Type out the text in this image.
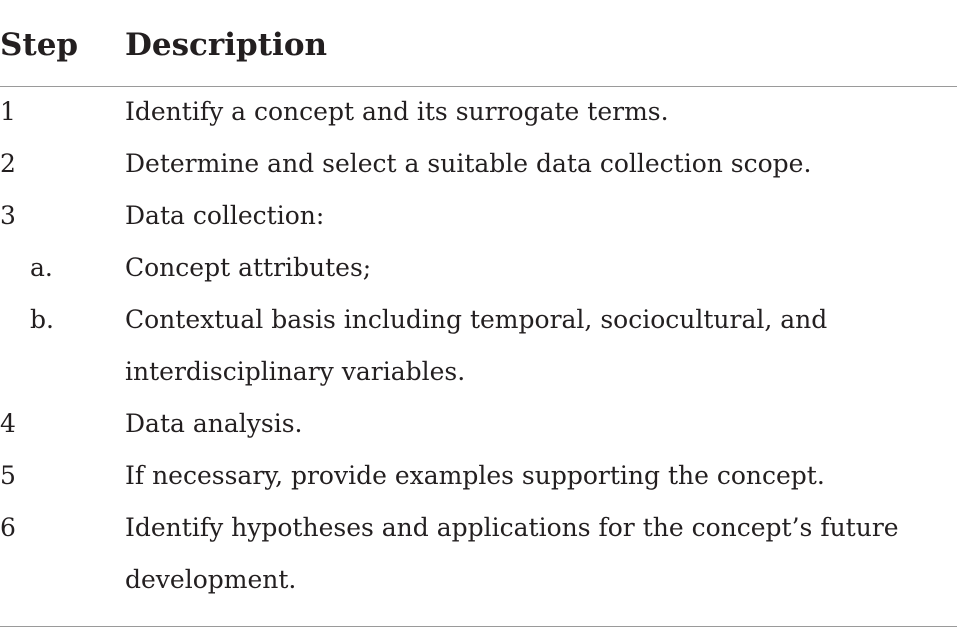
Step Description
1	Identify a concept and its surrogate terms.
2	Determine and select a suitable data collection scope.
3	Data collection:
a.	Concept attributes;
b.	Contextual basis including temporal, sociocultural, and
interdisciplinary variables.
4	Data analysis.
5	If necessary, provide examples supporting the concept.
6	Identify hypotheses and applications for the concept’s future
development.
